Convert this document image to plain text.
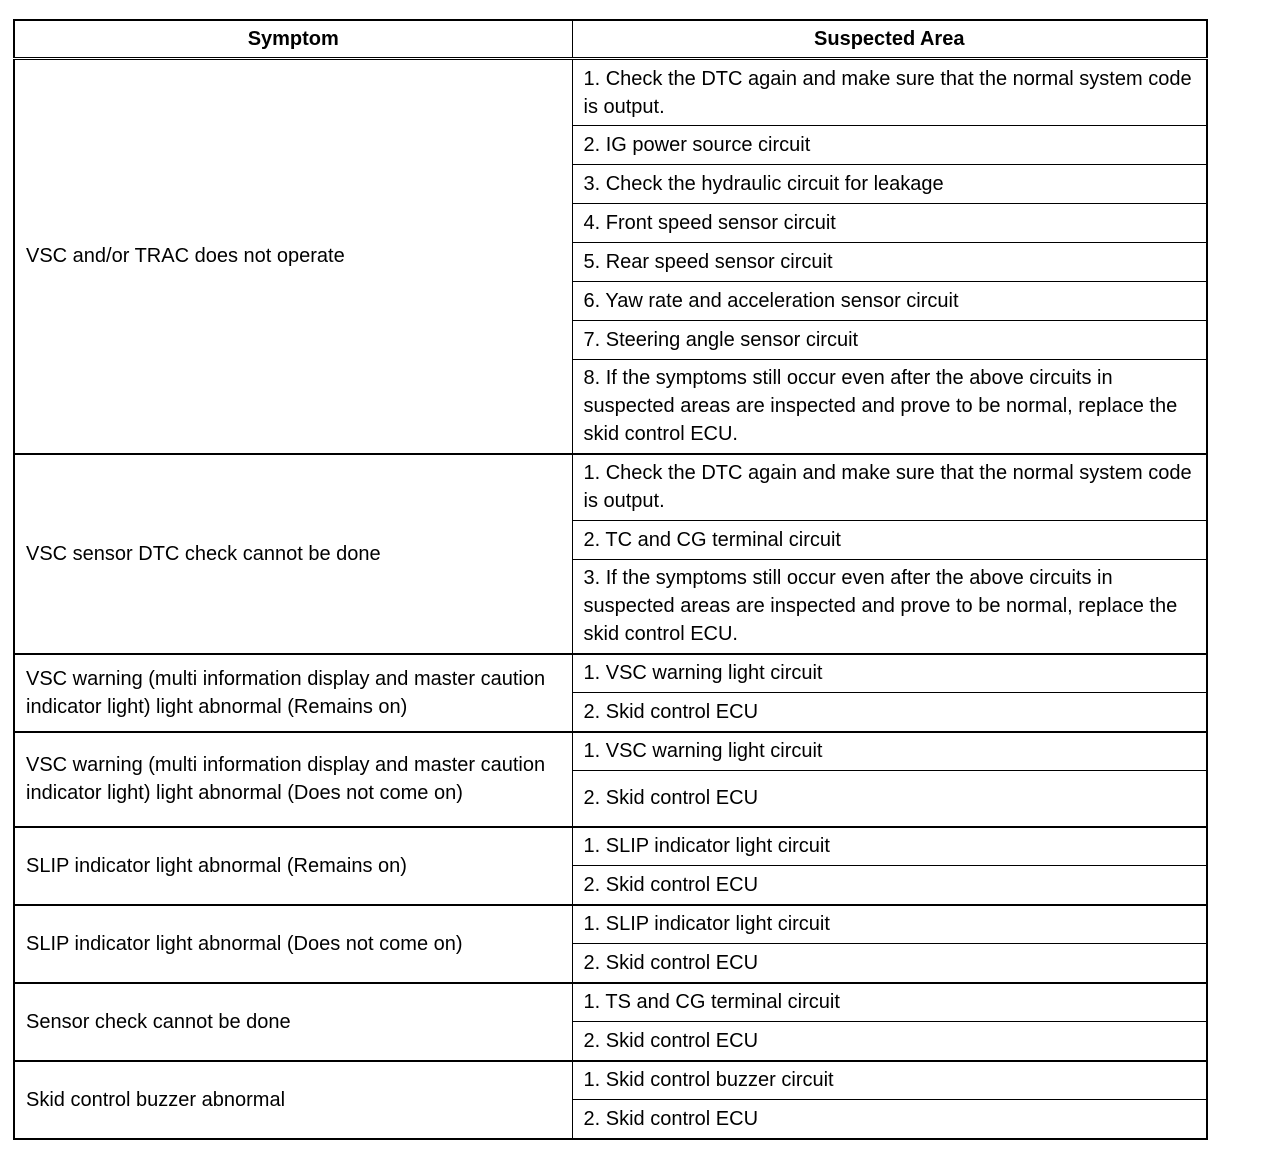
Symptom	Suspected Area
VSC and/or TRAC does not operate	1. Check the DTC again and make sure that the normal system code is output.
	2. IG power source circuit
	3. Check the hydraulic circuit for leakage
	4. Front speed sensor circuit
	5. Rear speed sensor circuit
	6. Yaw rate and acceleration sensor circuit
	7. Steering angle sensor circuit
	8. If the symptoms still occur even after the above circuits in suspected areas are inspected and prove to be normal, replace the skid control ECU.
VSC sensor DTC check cannot be done	1. Check the DTC again and make sure that the normal system code is output.
	2. TC and CG terminal circuit
	3. If the symptoms still occur even after the above circuits in suspected areas are inspected and prove to be normal, replace the skid control ECU.
VSC warning (multi information display and master caution indicator light) light abnormal (Remains on)	1. VSC warning light circuit
	2. Skid control ECU
VSC warning (multi information display and master caution indicator light) light abnormal (Does not come on)	1. VSC warning light circuit
	2. Skid control ECU
SLIP indicator light abnormal (Remains on)	1. SLIP indicator light circuit
	2. Skid control ECU
SLIP indicator light abnormal (Does not come on)	1. SLIP indicator light circuit
	2. Skid control ECU
Sensor check cannot be done	1. TS and CG terminal circuit
	2. Skid control ECU
Skid control buzzer abnormal	1. Skid control buzzer circuit
	2. Skid control ECU
